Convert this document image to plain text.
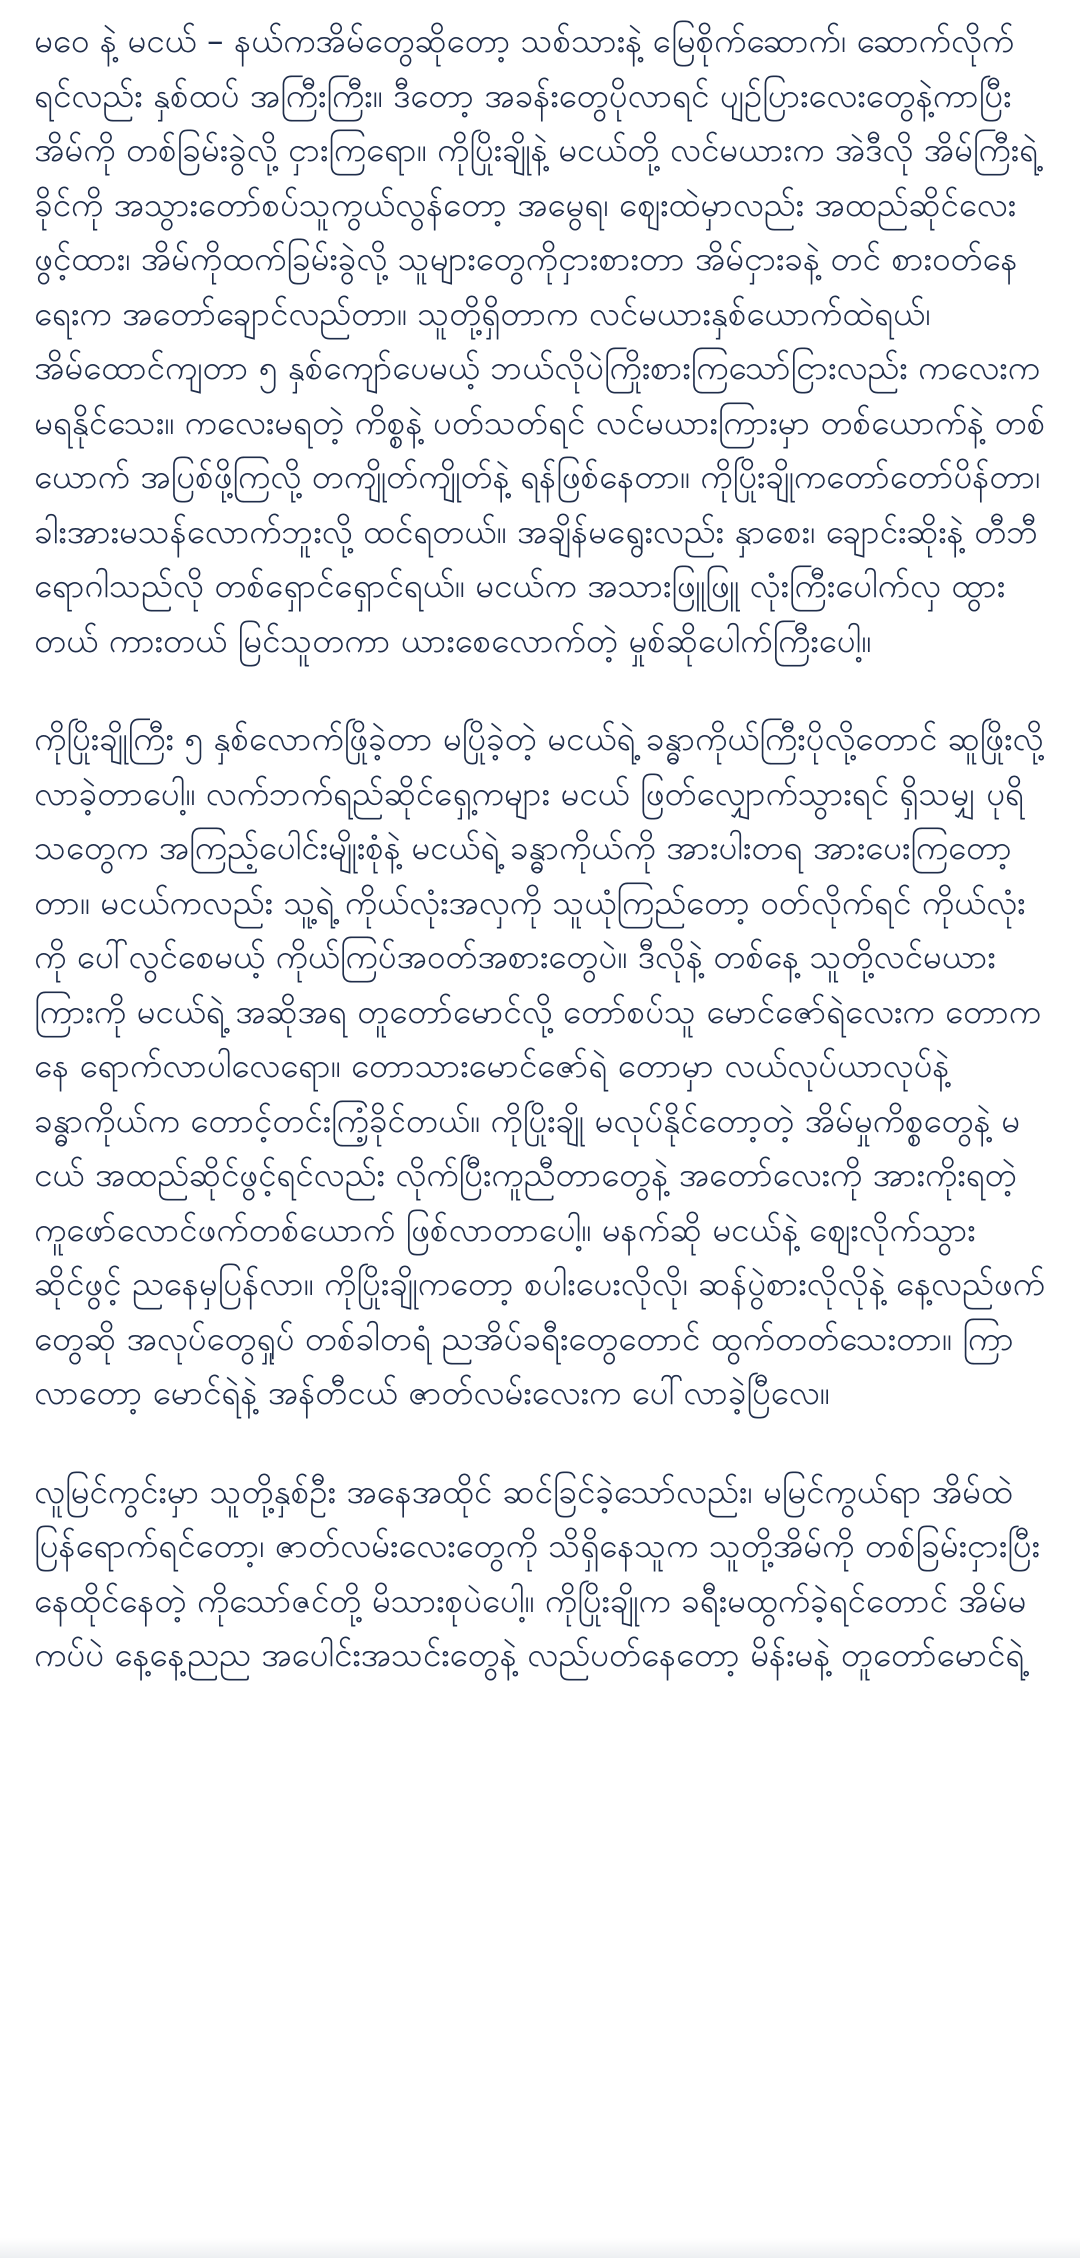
မဝေ နဲ့ မငယ် – နယ်ကအိမ်တွေဆိုတော့ သစ်သားနဲ့ မြေစိုက်ဆောက်၊ ဆောက်လိုက်ရင်လည်း နှစ်ထပ် အကြီးကြီး။ ဒီတော့ အခန်းတွေပိုလာရင် ပျဉ်ပြားလေးတွေနဲ့ကာပြီး အိမ်ကို တစ်ခြမ်းခွဲလို့ ငှားကြရော။ ကိုပြိုးချိုနဲ့ မငယ်တို့ လင်မယားက အဲဒီလို အိမ်ကြီးရဲ့ခိုင်ကို အသွားတော်စပ်သူကွယ်လွန်တော့ အမွေရ၊ ဈေးထဲမှာလည်း အထည်ဆိုင်လေးဖွင့်ထား၊ အိမ်ကိုထက်ခြမ်းခွဲလို့ သူများတွေကိုငှားစားတာ အိမ်ငှားခနဲ့ တင် စားဝတ်နေရေးက အတော်ချောင်လည်တာ။ သူတို့ရှိတာက လင်မယားနှစ်ယောက်ထဲရယ်၊ အိမ်ထောင်ကျတာ ၅ နှစ်ကျော်ပေမယ့် ဘယ်လိုပဲကြိုးစားကြသော်ငြားလည်း ကလေးက မရနိုင်သေး။ ကလေးမရတဲ့ ကိစ္စနဲ့ ပတ်သတ်ရင် လင်မယားကြားမှာ တစ်ယောက်နဲ့ တစ်ယောက် အပြစ်ဖို့ကြလို့ တကျိုတ်ကျိုတ်နဲ့ ရန်ဖြစ်နေတာ။ ကိုပြိုးချိုကတော်တော်ပိန်တာ၊ ခါးအားမသန်လောက်ဘူးလို့ ထင်ရတယ်။ အချိန်မရွေးလည်း နှာစေး၊ ချောင်းဆိုးနဲ့ တီဘီရောဂါသည်လို တစ်ရှောင်ရှောင်ရယ်။ မငယ်က အသားဖြူဖြူ လုံးကြီးပေါက်လှ ထွားတယ် ကားတယ် မြင်သူတကာ ယားစေလောက်တဲ့ မှုစ်ဆိုပေါက်ကြီးပေါ့။

ကိုပြိုးချိုကြီး ၅ နှစ်လောက်ဖြိုခဲ့တာ မပြိုခဲ့တဲ့ မငယ်ရဲ့ ခန္ဓာကိုယ်ကြီးပိုလို့တောင် ဆူဖြိုးလို့လာခဲ့တာပေါ့။ လက်ဘက်ရည်ဆိုင်ရှေ့ကများ မငယ် ဖြတ်လျှောက်သွားရင် ရှိသမျှ ပုရိသတွေက အကြည့်ပေါင်းမျိုးစုံနဲ့ မငယ်ရဲ့ ခန္ဓာကိုယ်ကို အားပါးတရ အားပေးကြတော့တာ။ မငယ်ကလည်း သူ့ရဲ့ ကိုယ်လုံးအလှကို သူယုံကြည်တော့ ဝတ်လိုက်ရင် ကိုယ်လုံးကို ပေါ်လွင်စေမယ့် ကိုယ်ကြပ်အဝတ်အစားတွေပဲ။ ဒီလိုနဲ့ တစ်နေ့ သူတို့လင်မယားကြားကို မငယ်ရဲ့ အဆိုအရ တူတော်မောင်လို့ တော်စပ်သူ မောင်ဇော်ရဲလေးက တောကနေ ရောက်လာပါလေရော။ တောသားမောင်ဇော်ရဲ တောမှာ လယ်လုပ်ယာလုပ်နဲ့ ခန္ဓာကိုယ်က တောင့်တင်းကြံ့ခိုင်တယ်။ ကိုပြိုးချို မလုပ်နိုင်တော့တဲ့ အိမ်မှုကိစ္စတွေနဲ့ မငယ် အထည်ဆိုင်ဖွင့်ရင်လည်း လိုက်ပြီးကူညီတာတွေနဲ့ အတော်လေးကို အားကိုးရတဲ့ ကူဖော်လောင်ဖက်တစ်ယောက် ဖြစ်လာတာပေါ့။ မနက်ဆို မငယ်နဲ့ ဈေးလိုက်သွား ဆိုင်ဖွင့် ညနေမှပြန်လာ။ ကိုပြိုးချိုကတော့ စပါးပေးလိုလို၊ ဆန်ပွဲစားလိုလိုနဲ့ နေ့လည်ဖက်တွေဆို အလုပ်တွေရှုပ် တစ်ခါတရံ ညအိပ်ခရီးတွေတောင် ထွက်တတ်သေးတာ။ ကြာလာတော့ မောင်ရဲနဲ့ အန်တီငယ် ဇာတ်လမ်းလေးက ပေါ်လာခဲ့ပြီလေ။

လူမြင်ကွင်းမှာ သူတို့နှစ်ဦး အနေအထိုင် ဆင်ခြင်ခဲ့သော်လည်း၊ မမြင်ကွယ်ရာ အိမ်ထဲပြန်ရောက်ရင်တော့၊ ဇာတ်လမ်းလေးတွေကို သိရှိနေသူက သူတို့အိမ်ကို တစ်ခြမ်းငှားပြီး နေထိုင်နေတဲ့ ကိုသော်ဇင်တို့ မိသားစုပဲပေါ့။ ကိုပြိုးချိုက ခရီးမထွက်ခဲ့ရင်တောင် အိမ်မကပ်ပဲ နေ့နေ့ညည အပေါင်းအသင်းတွေနဲ့ လည်ပတ်နေတော့ မိန်းမနဲ့ တူတော်မောင်ရဲ့
